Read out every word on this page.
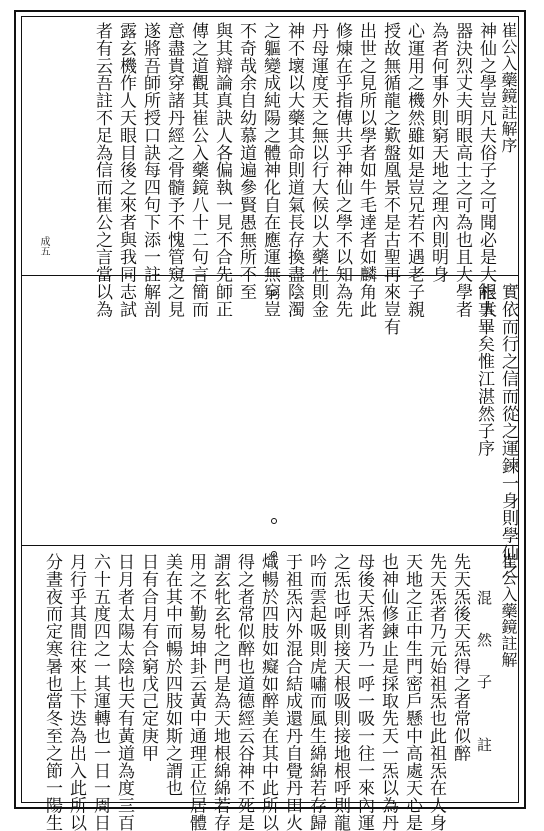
崔公入藥鏡註解序
神仙之學豈凡夫俗子之可聞必是大根大
器決烈丈夫明眼高士之可為也且大學者
為者何事外則窮天地之理內則明身
心運用之機然雖如是豈兄若不遇老子親
授故無循龍之歎盤凰景不是古聖再來豈有
出世之見所以學者如牛毛達者如麟角此
修煉在乎指傳共乎神仙之學不以知為先
丹母運度天之無以行大候以大藥性則金
神不壞以大藥其命則道氣長存換盡陰濁
之軀變成純陽之體神化自在應運無窮豈
不奇哉余自幼慕道遍參賢愚無所不至
與其辯論真訣人各偏執一見不合先師正
傳之道觀其崔公入藥鏡八十二句言簡而
意盡貴穿諸丹經之骨髓予不愧管窺之見
遂將吾師所授口訣每四句下添一註解剖
露玄機作人天眼目後之來者與我同志試
者有云吾註不足為信而崔公之言當以為
成五
實依而行之信而從之運鍊一身則學仙之
能事畢矣惟江湛然子序
崔公入藥鏡註解
混　然　子　　註
先天炁後天炁得之者常似醉
先天炁者乃元始祖炁也此祖炁在人身
天地之正中生門密戶懸中高處天心是
也神仙修鍊止是採取先天一炁以為丹
母後天炁者乃一呼一吸一往一來內運
之炁也呼則接天根吸則接地根呼則龍
吟而雲起吸則虎嘯而風生綿綿若存歸
于祖炁內外混合結成還丹自覺丹田火
熾暢於四肢如癡如醉美在其中此所以
得之者常似醉也道德經云谷神不死是
謂玄牝玄牝之門是為天地根綿綿若存
用之不勤易坤卦云黃中通理正位居體
美在其中而暢於四肢如斯之謂也
日有合月有合窮戊己定庚甲
日月者太陽太陰也天有黃道為度三百
六十五度四之一其運轉也一日一周日
月行乎其間往來上下迭為出入此所以
分晝夜而定寒暑也當冬至之節一陽生
